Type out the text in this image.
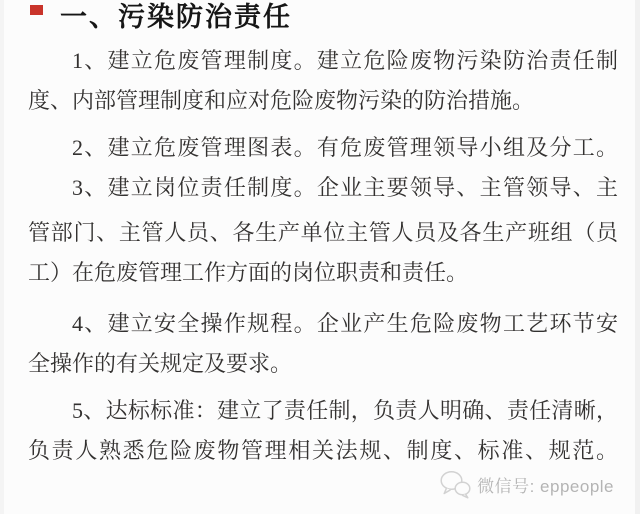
一、污染防治责任
1、建立危废管理制度。建立危险废物污染防治责任制
度、内部管理制度和应对危险废物污染的防治措施。
2、建立危废管理图表。有危废管理领导小组及分工。
3、建立岗位责任制度。企业主要领导、主管领导、主
管部门、主管人员、各生产单位主管人员及各生产班组（员
工）在危废管理工作方面的岗位职责和责任。
4、建立安全操作规程。企业产生危险废物工艺环节安
全操作的有关规定及要求。
5、达标标准：建立了责任制，负责人明确、责任清晰，
负责人熟悉危险废物管理相关法规、制度、标准、规范。
微信号: eppeople
